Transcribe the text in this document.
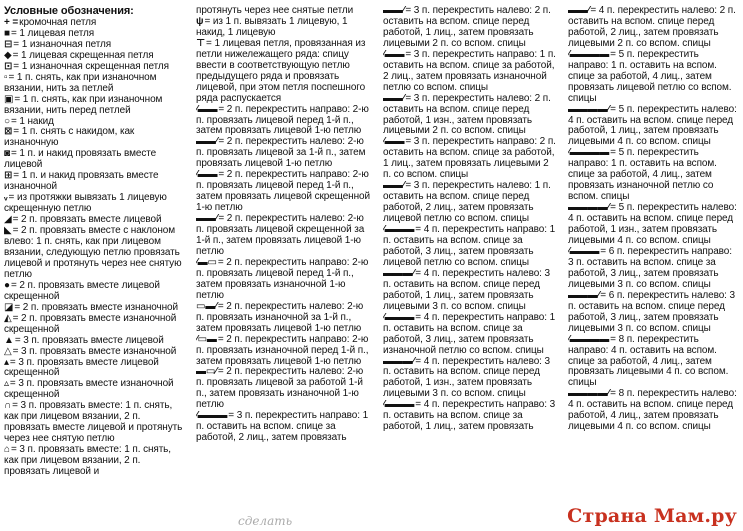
Условные обозначения:
+ =кромочная петля
■= 1 лицевая петля
⊟= 1 изнаночная петля
◆= 1 лицевая скрещенная петля
⊡= 1 изнаночная скрещенная петля
▫= 1 п. снять, как при изнаночном вязании, нить за петлей
▣= 1 п. снять, как при изнаночном вязании, нить перед петлей
○= 1 накид
⊠= 1 п. снять с накидом, как изнаночную
◙= 1 п. и накид провязать вместе лицевой
⊞= 1 п. и накид провязать вместе изнаночной
ᵥ= из протяжки вывязать 1 лицевую скрещенную петлю
◢= 2 п. провязать вместе лицевой
◣= 2 п. провязать вместе с наклоном влево: 1 п. снять, как при лицевом вязании, следующую петлю провязать лицевой и протянуть через нее снятую петлю
●= 2 п. провязать вместе лицевой скрещенной
◪= 2 п. провязать вместе изнаночной
◭= 2 п. провязать вместе изнаночной скрещенной
▲= 3 п. провязать вместе лицевой
△= 3 п. провязать вместе изнаночной
▴= 3 п. провязать вместе лицевой скрещенной
▵= 3 п. провязать вместе изнаночной скрещенной
∩= 3 п. провязать вместе: 1 п. снять, как при лицевом вязании, 2 п. провязать вместе лицевой и протянуть через нее снятую петлю
⌂= 3 п. провязать вместе: 1 п. снять, как при лицевом вязании, 2 п. провязать лицевой и
протянуть через нее снятые петли
ψ= из 1 п. вывязать 1 лицевую, 1 накид, 1 лицевую
⊤= 1 лицевая петля, провязанная из петли нижележащего ряда: спицу ввести в соответствующую петлю предыдущего ряда и провязать лицевой, при этом петля поспешного ряда распускается
⁄▬▬= 2 п. перекрестить направо: 2-ю п. провязать лицевой перед 1-й п., затем провязать лицевой 1-ю петлю
▬▬⁄= 2 п. перекрестить налево: 2-ю п. провязать лицевой за 1-й п., затем провязать лицевой 1-ю петлю
⁄▬▬= 2 п. перекрестить направо: 2-ю п. провязать лицевой перед 1-й п., затем провязать лицевой скрещенной 1-ю петлю
▬▬⁄= 2 п. перекрестить налево: 2-ю п. провязать лицевой скрещенной за 1-й п., затем провязать лицевой 1-ю петлю
⁄▬▭= 2 п. перекрестить направо: 2-ю п. провязать лицевой перед 1-й п., затем провязать изнаночной 1-ю петлю
▭▬⁄= 2 п. перекрестить налево: 2-ю п. провязать изнаночной за 1-й п., затем провязать лицевой 1-ю петлю
⁄▭▬= 2 п. перекрестить направо: 2-ю п. провязать изнаночной перед 1-й п., затем провязать лицевой 1-ю петлю
▬▭⁄= 2 п. перекрестить налево: 2-ю п. провязать лицевой за работой 1-й п., затем провязать изнаночной 1-ю петлю
⁄▬▬▬= 3 п. перекрестить направо: 1 п. оставить на вспом. спице за работой, 2 лиц., затем провязать
▬▬⁄= 3 п. перекрестить налево: 2 п. оставить на вспом. спице перед работой, 1 лиц., затем провязать лицевыми 2 п. со вспом. спицы
⁄▬▬= 3 п. перекрестить направо: 1 п. оставить на вспом. спице за работой, 2 лиц., затем провязать изнаночной петлю со вспом. спицы
▬▬⁄= 3 п. перекрестить налево: 2 п. оставить на вспом. спице перед работой, 1 изн., затем провязать лицевыми 2 п. со вспом. спицы
⁄▬▬= 3 п. перекрестить направо: 2 п. оставить на вспом. спице за работой, 1 лиц., затем провязать лицевыми 2 п. со вспом. спицы
▬▬⁄= 3 п. перекрестить налево: 1 п. оставить на вспом. спице перед работой, 2 лиц., затем провязать лицевой петлю со вспом. спицы
⁄▬▬▬= 4 п. перекрестить направо: 1 п. оставить на вспом. спице за работой, 3 лиц., затем провязать лицевой петлю со вспом. спицы
▬▬▬⁄= 4 п. перекрестить налево: 3 п. оставить на вспом. спице перед работой, 1 лиц., затем провязать лицевыми 3 п. со вспом. спицы
⁄▬▬▬= 4 п. перекрестить направо: 1 п. оставить на вспом. спице за работой, 3 лиц., затем провязать изнаночной петлю со вспом. спицы
▬▬▬⁄= 4 п. перекрестить налево: 3 п. оставить на вспом. спице перед работой, 1 изн., затем провязать лицевыми 3 п. со вспом. спицы
⁄▬▬▬= 4 п. перекрестить направо: 3 п. оставить на вспом. спице за работой, 1 лиц., затем провязать
▬▬⁄= 4 п. перекрестить налево: 2 п. оставить на вспом. спице перед работой, 2 лиц., затем провязать лицевыми 2 п. со вспом. спицы
⁄▬▬▬▬= 5 п. перекрестить направо: 1 п. оставить на вспом. спице за работой, 4 лиц., затем провязать лицевой петлю со вспом. спицы
▬▬▬▬⁄= 5 п. перекрестить налево: 4 п. оставить на вспом. спице перед работой, 1 лиц., затем провязать лицевыми 4 п. со вспом. спицы
⁄▬▬▬▬= 5 п. перекрестить направо: 1 п. оставить на вспом. спице за работой, 4 лиц., затем провязать изнаночной петлю со вспом. спицы
▬▬▬▬⁄= 5 п. перекрестить налево: 4 п. оставить на вспом. спице перед работой, 1 изн., затем провязать лицевыми 4 п. со вспом. спицы
⁄▬▬▬= 6 п. перекрестить направо: 3 п. оставить на вспом. спице за работой, 3 лиц., затем провязать лицевыми 3 п. со вспом. спицы
▬▬▬⁄= 6 п. перекрестить налево: 3 п. оставить на вспом. спице перед работой, 3 лиц., затем провязать лицевыми 3 п. со вспом. спицы
⁄▬▬▬▬= 8 п. перекрестить направо: 4 п. оставить на вспом. спице за работой, 4 лиц., затем провязать лицевыми 4 п. со вспом. спицы
▬▬▬▬⁄= 8 п. перекрестить налево: 4 п. оставить на вспом. спице перед работой, 4 лиц., затем провязать лицевыми 4 п. со вспом. спицы
сделать	Страна Мам.ру
